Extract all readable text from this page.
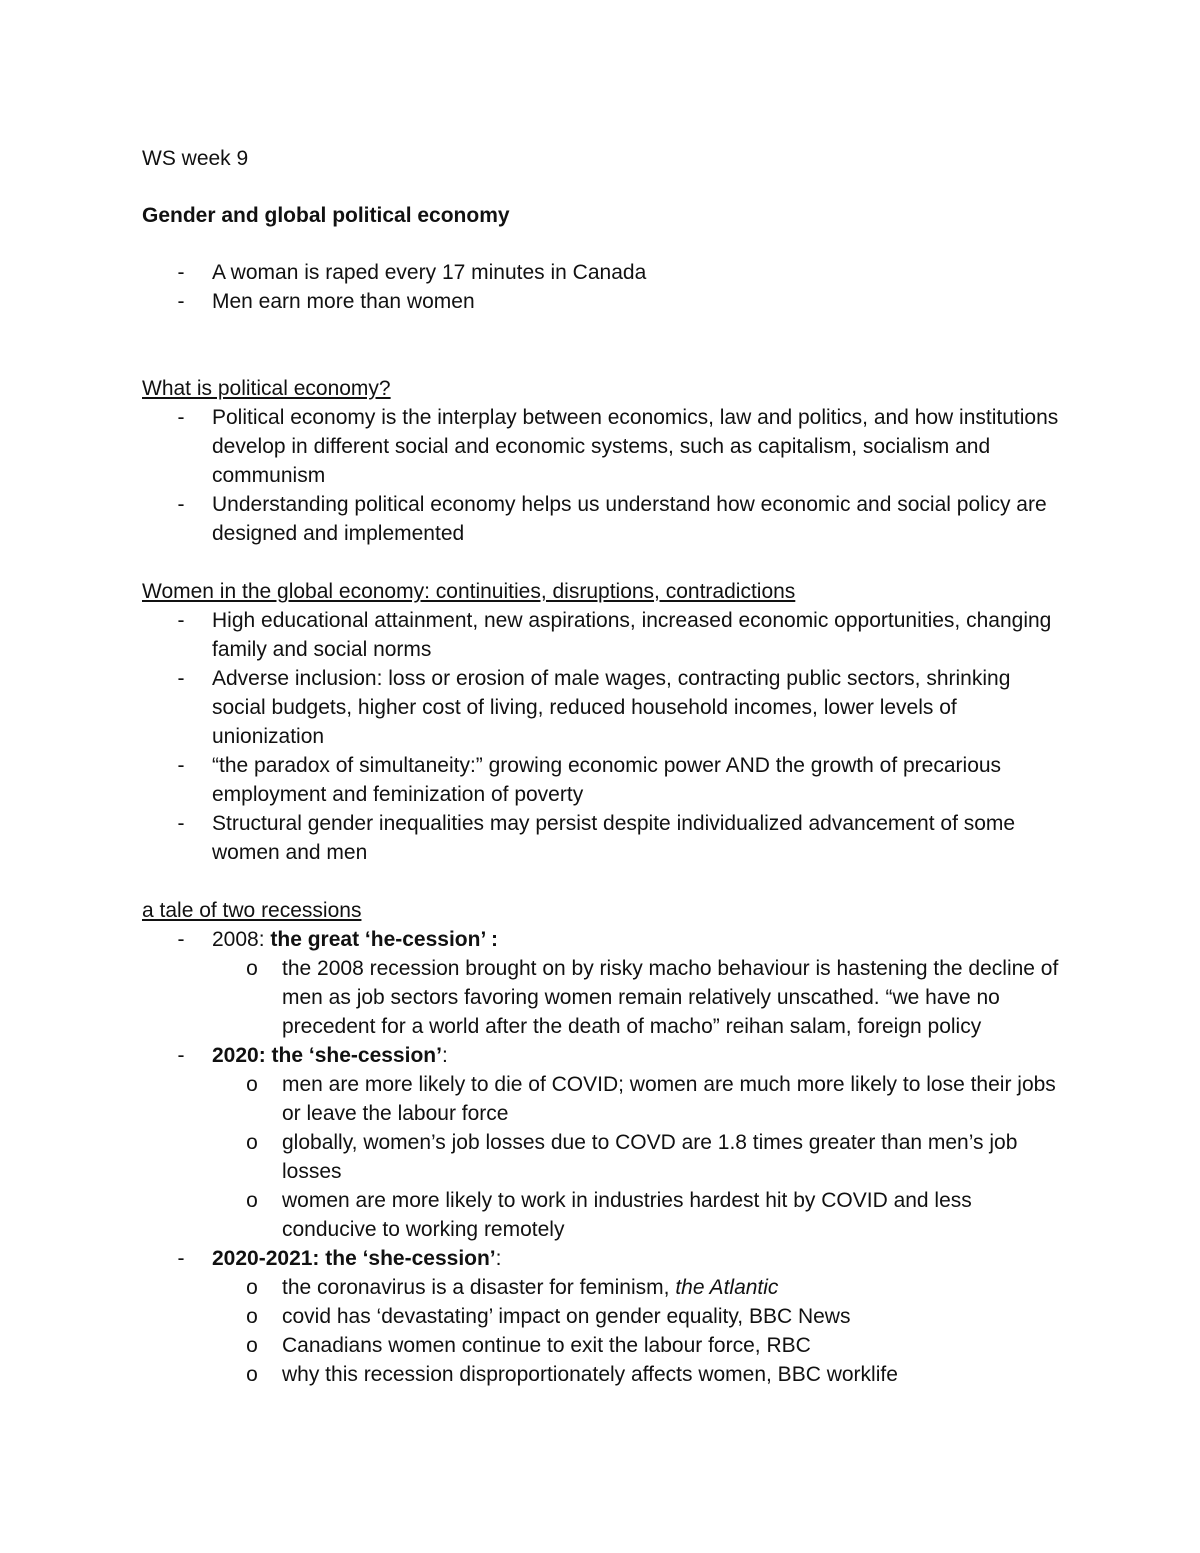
WS week 9

Gender and global political economy

- A woman is raped every 17 minutes in Canada
- Men earn more than women

What is political economy?

- Political economy is the interplay between economics, law and politics, and how institutions develop in different social and economic systems, such as capitalism, socialism and communism
- Understanding political economy helps us understand how economic and social policy are designed and implemented

Women in the global economy: continuities, disruptions, contradictions

- High educational attainment, new aspirations, increased economic opportunities, changing family and social norms
- Adverse inclusion: loss or erosion of male wages, contracting public sectors, shrinking social budgets, higher cost of living, reduced household incomes, lower levels of unionization
- “the paradox of simultaneity:” growing economic power AND the growth of precarious employment and feminization of poverty
- Structural gender inequalities may persist despite individualized advancement of some women and men

a tale of two recessions

- 2008: the great ‘he-cession’ :
o the 2008 recession brought on by risky macho behaviour is hastening the decline of men as job sectors favoring women remain relatively unscathed. “we have no precedent for a world after the death of macho” reihan salam, foreign policy
- 2020: the ‘she-cession’:
o men are more likely to die of COVID; women are much more likely to lose their jobs or leave the labour force
o globally, women’s job losses due to COVD are 1.8 times greater than men’s job losses
o women are more likely to work in industries hardest hit by COVID and less conducive to working remotely
- 2020-2021: the ‘she-cession’:
o the coronavirus is a disaster for feminism, the Atlantic
o covid has ‘devastating’ impact on gender equality, BBC News
o Canadians women continue to exit the labour force, RBC
o why this recession disproportionately affects women, BBC worklife
